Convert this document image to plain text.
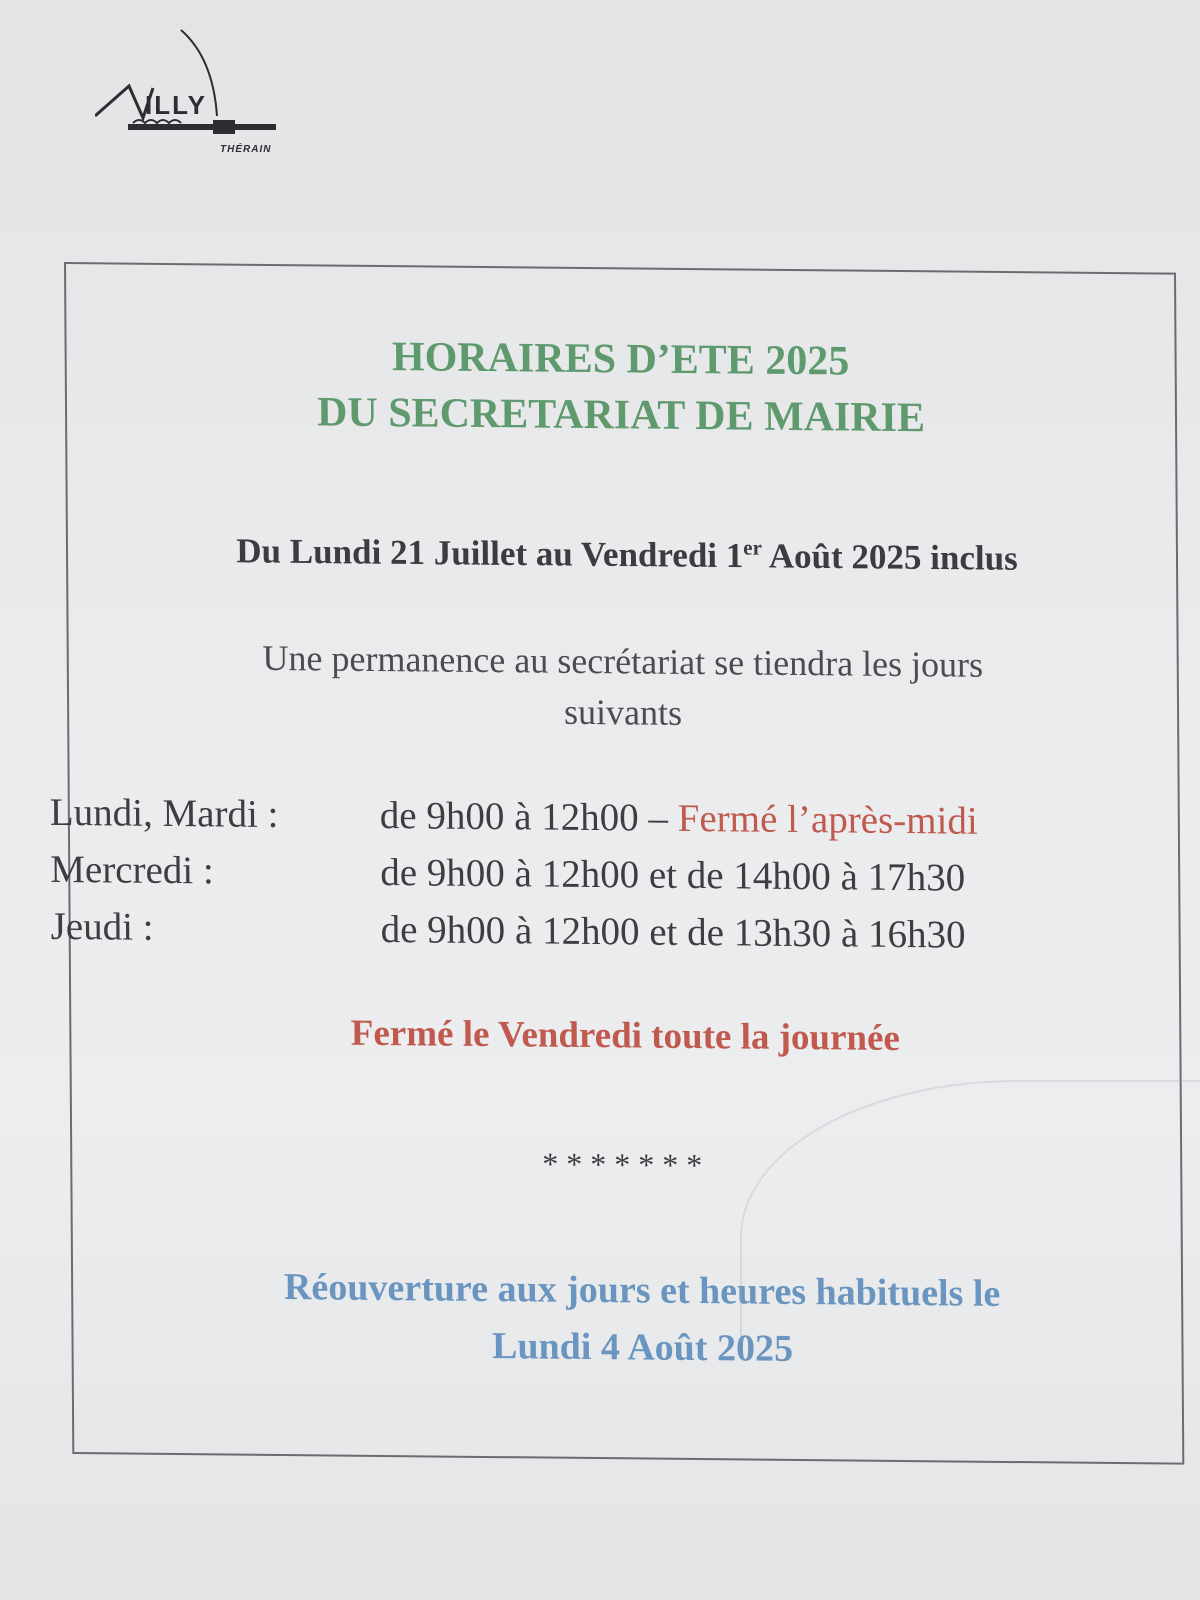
ILLY
THÉRAIN
HORAIRES D’ETE 2025
DU SECRETARIAT DE MAIRIE
Du Lundi 21 Juillet au Vendredi 1er Août 2025 inclus
Une permanence au secrétariat se tiendra les jours
suivants
Lundi, Mardi :	de 9h00 à 12h00 – Fermé l’après-midi
Mercredi :	de 9h00 à 12h00 et de 14h00 à 17h30
Jeudi :	de 9h00 à 12h00 et de 13h30 à 16h30
Fermé le Vendredi toute la journée
*******
Réouverture aux jours et heures habituels le
Lundi 4 Août 2025
